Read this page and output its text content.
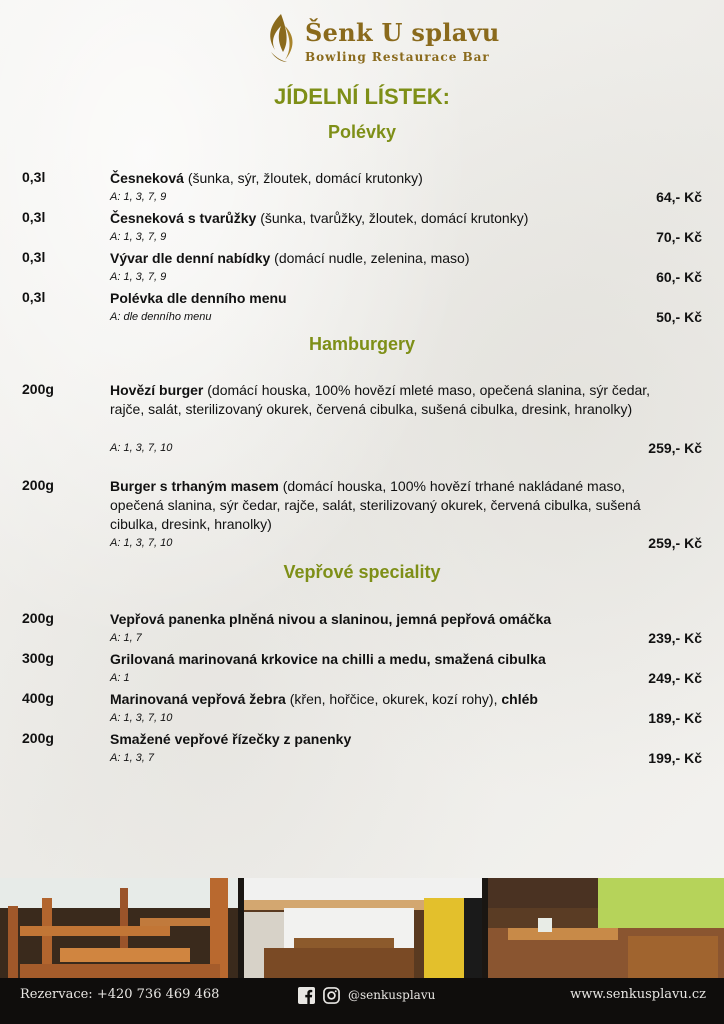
Šenk U splavu
Bowling Restaurace Bar
JÍDELNÍ LÍSTEK:
Polévky
0,3l	Česneková (šunka, sýr, žloutek, domácí krutonky)
A: 1, 3, 7, 9	64,- Kč
0,3l	Česneková s tvarůžky (šunka, tvarůžky, žloutek, domácí krutonky)
A: 1, 3, 7, 9	70,- Kč
0,3l	Vývar dle denní nabídky (domácí nudle, zelenina, maso)
A: 1, 3, 7, 9	60,- Kč
0,3l	Polévka dle denního menu
A: dle denního menu	50,- Kč
Hamburgery
200g	Hovězí burger (domácí houska, 100% hovězí mleté maso, opečená slanina, sýr čedar, rajče, salát, sterilizovaný okurek, červená cibulka, sušená cibulka, dresink, hranolky)
A: 1, 3, 7, 10	259,- Kč
200g	Burger s trhaným masem (domácí houska, 100% hovězí trhané nakládané maso, opečená slanina, sýr čedar, rajče, salát, sterilizovaný okurek, červená cibulka, sušená cibulka, dresink, hranolky)
A: 1, 3, 7, 10	259,- Kč
Vepřové speciality
200g	Vepřová panenka plněná nivou a slaninou, jemná pepřová omáčka
A: 1, 7	239,- Kč
300g	Grilovaná marinovaná krkovice na chilli a medu, smažená cibulka
A: 1	249,- Kč
400g	Marinovaná vepřová žebra (křen, hořčice, okurek, kozí rohy), chléb
A: 1, 3, 7, 10	189,- Kč
200g	Smažené vepřové řízečky z panenky
A: 1, 3, 7	199,- Kč
Rezervace: +420 736 469 468	@senkusplavu	www.senkusplavu.cz
